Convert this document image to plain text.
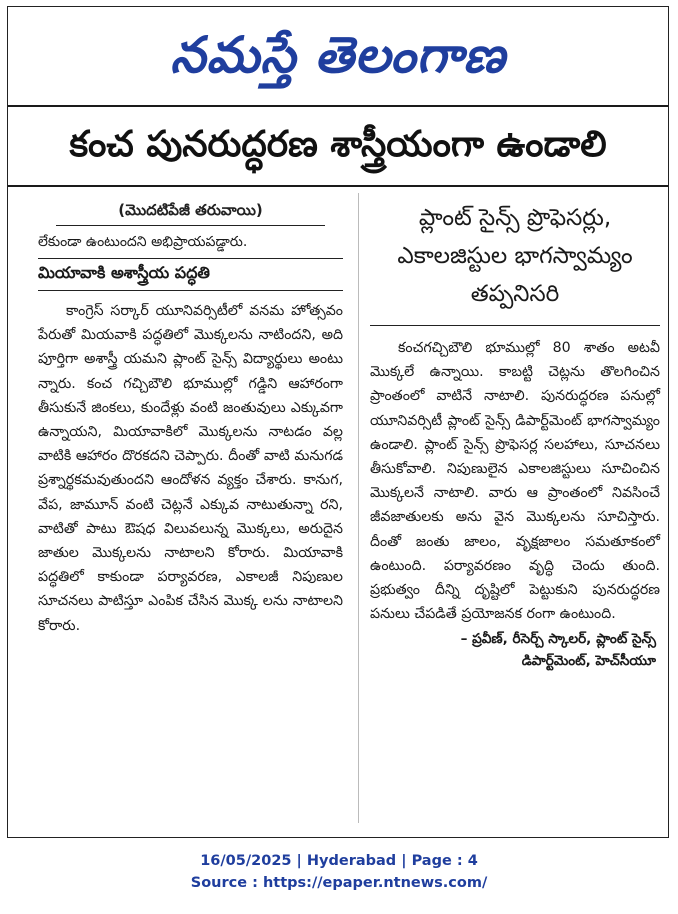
నమస్తే తెలంగాణ
కంచ పునరుద్ధరణ శాస్త్రీయంగా ఉండాలి
(మొదటిపేజీ తరువాయి)
లేకుండా ఉంటుందని అభిప్రాయపడ్డారు.
మియావాకి అశాస్త్రీయ పద్ధతి

కాంగ్రెస్ సర్కార్ యూనివర్సిటీలో వనమ హోత్సవం పేరుతో మియవాకి పద్ధతిలో మొక్కలను నాటిందని, అది పూర్తిగా అశాస్త్రీ యమని ప్లాంట్ సైన్స్ విద్యార్థులు అంటు న్నారు. కంచ గచ్చిబౌలి భూముల్లో గడ్డిని ఆహారంగా తీసుకునే జింకలు, కుందేళ్లు వంటి జంతువులు ఎక్కువగా ఉన్నాయని, మియావాకిలో మొక్కలను నాటడం వల్ల వాటికి ఆహారం దొరకదని చెప్పారు. దీంతో వాటి మనుగడ ప్రశ్నార్థకమవుతుందని ఆందోళన వ్యక్తం చేశారు. కానుగ, వేప, జామూన్ వంటి చెట్లనే ఎక్కువ నాటుతున్నా రని, వాటితో పాటు ఔషధ విలువలున్న మొక్కలు, అరుదైన జాతుల మొక్కలను నాటాలని కోరారు. మియావాకి పద్ధతిలో కాకుండా పర్యావరణ, ఎకాలజీ నిపుణుల సూచనలు పాటిస్తూ ఎంపిక చేసిన మొక్క లను నాటాలని కోరారు.

ప్లాంట్ సైన్స్ ప్రొఫెసర్లు, ఎకాలజిస్టుల భాగస్వామ్యం తప్పనిసరి

కంచగచ్చిబౌలి భూముల్లో 80 శాతం అటవీ మొక్కలే ఉన్నాయి. కాబట్టి చెట్లను తొలగించిన ప్రాంతంలో వాటినే నాటాలి. పునరుద్ధరణ పనుల్లో యూనివర్సిటీ ప్లాంట్ సైన్స్ డిపార్ట్‌మెంట్ భాగస్వామ్యం ఉండాలి. ప్లాంట్ సైన్స్ ప్రొఫెసర్ల సలహాలు, సూచనలు తీసుకోవాలి. నిపుణులైన ఎకాలజిస్టులు సూచించిన మొక్కలనే నాటాలి. వారు ఆ ప్రాంతంలో నివసించే జీవజాతులకు అను వైన మొక్కలను సూచిస్తారు. దీంతో జంతు జాలం, వృక్షజాలం సమతూకంలో ఉంటుంది. పర్యావరణం వృద్ధి చెందు తుంది. ప్రభుత్వం దీన్ని దృష్టిలో పెట్టుకుని పునరుద్ధరణ పనులు చేపడితే ప్రయోజనక రంగా ఉంటుంది.

– ప్రవీణ్, రీసెర్చ్ స్కాలర్, ప్లాంట్ సైన్స్
డిపార్ట్‌మెంట్, హెచ్‌సీయూ
16/05/2025 | Hyderabad | Page : 4
Source : https://epaper.ntnews.com/
